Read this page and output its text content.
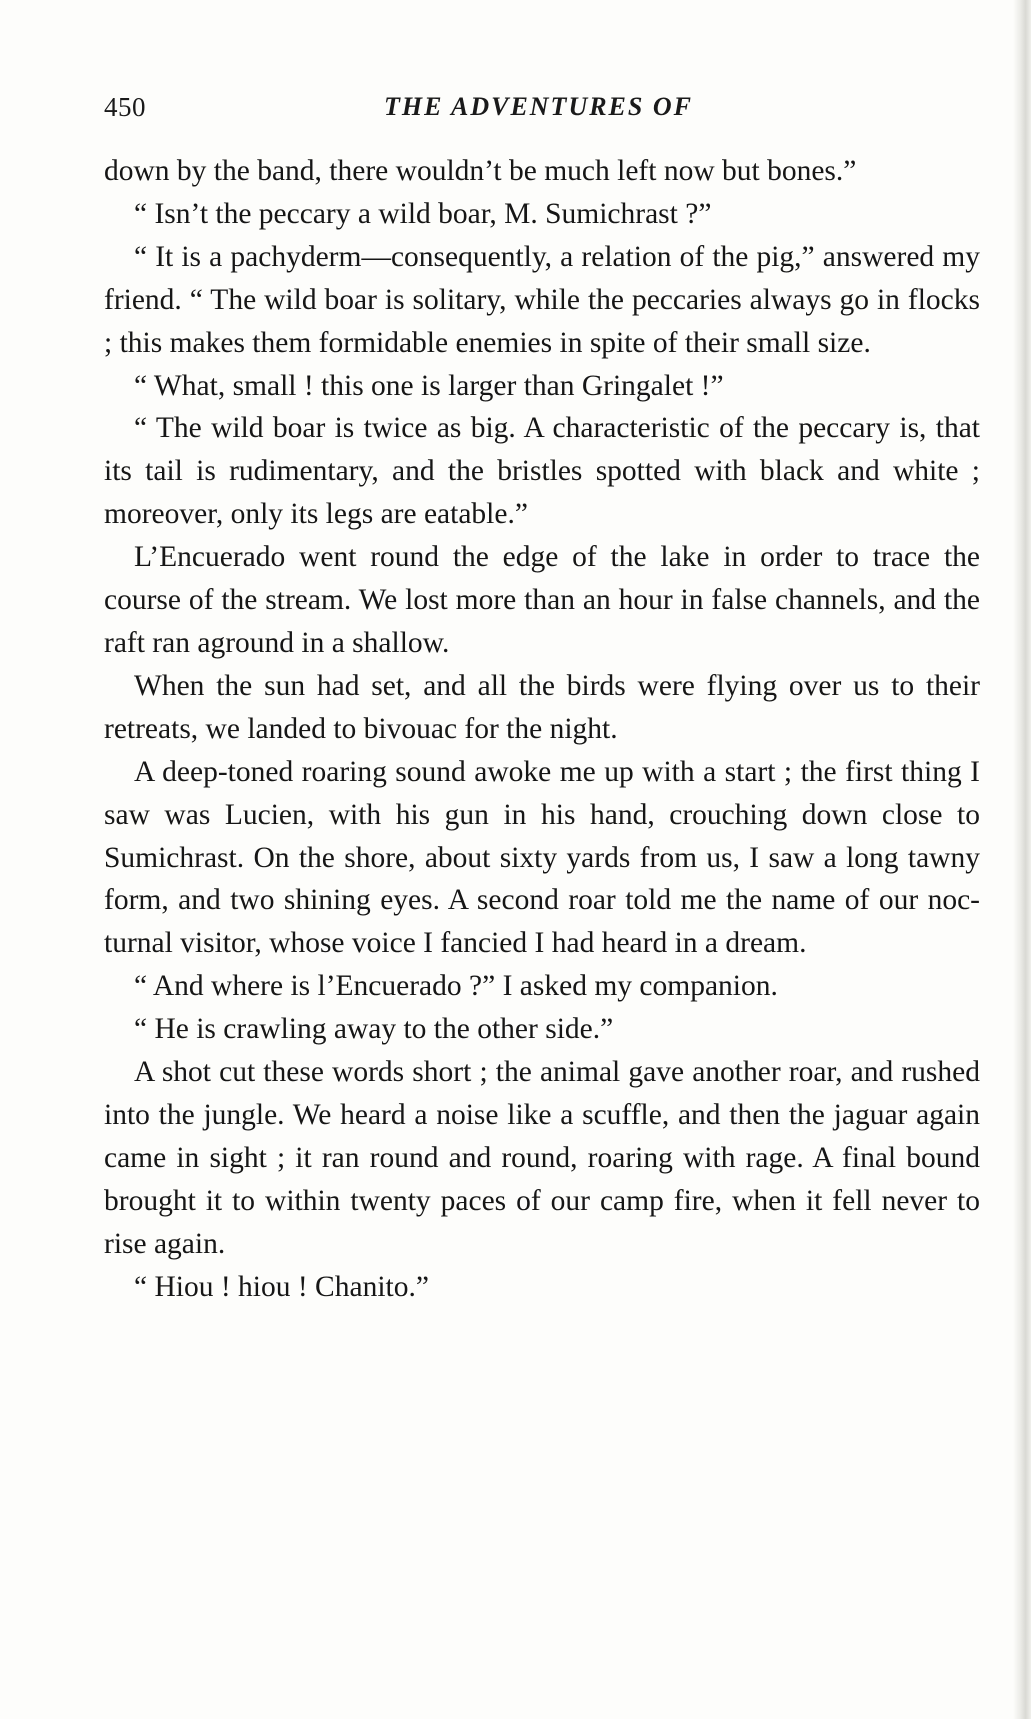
450	THE ADVENTURES OF

down by the band, there wouldn’t be much left now but bones.”

“ Isn’t the peccary a wild boar, M. Sumichrast ?”

“ It is a pachyderm—consequently, a relation of the pig,” answered my friend. “ The wild boar is solitary, while the peccaries always go in flocks ; this makes them formidable enemies in spite of their small size.

“ What, small ! this one is larger than Gringalet !”

“ The wild boar is twice as big. A characteristic of the peccary is, that its tail is rudimentary, and the bristles spotted with black and white ; moreover, only its legs are eatable.”

L’Encuerado went round the edge of the lake in order to trace the course of the stream. We lost more than an hour in false channels, and the raft ran aground in a shallow.

When the sun had set, and all the birds were flying over us to their retreats, we landed to bivouac for the night.

A deep-toned roaring sound awoke me up with a start ; the first thing I saw was Lucien, with his gun in his hand, crouching down close to Sumichrast. On the shore, about sixty yards from us, I saw a long tawny form, and two shining eyes. A second roar told me the name of our nocturnal visitor, whose voice I fancied I had heard in a dream.

“ And where is l’Encuerado ?” I asked my companion.

“ He is crawling away to the other side.”

A shot cut these words short ; the animal gave another roar, and rushed into the jungle. We heard a noise like a scuffle, and then the jaguar again came in sight ; it ran round and round, roaring with rage. A final bound brought it to within twenty paces of our camp fire, when it fell never to rise again.

“ Hiou ! hiou ! Chanito.”
